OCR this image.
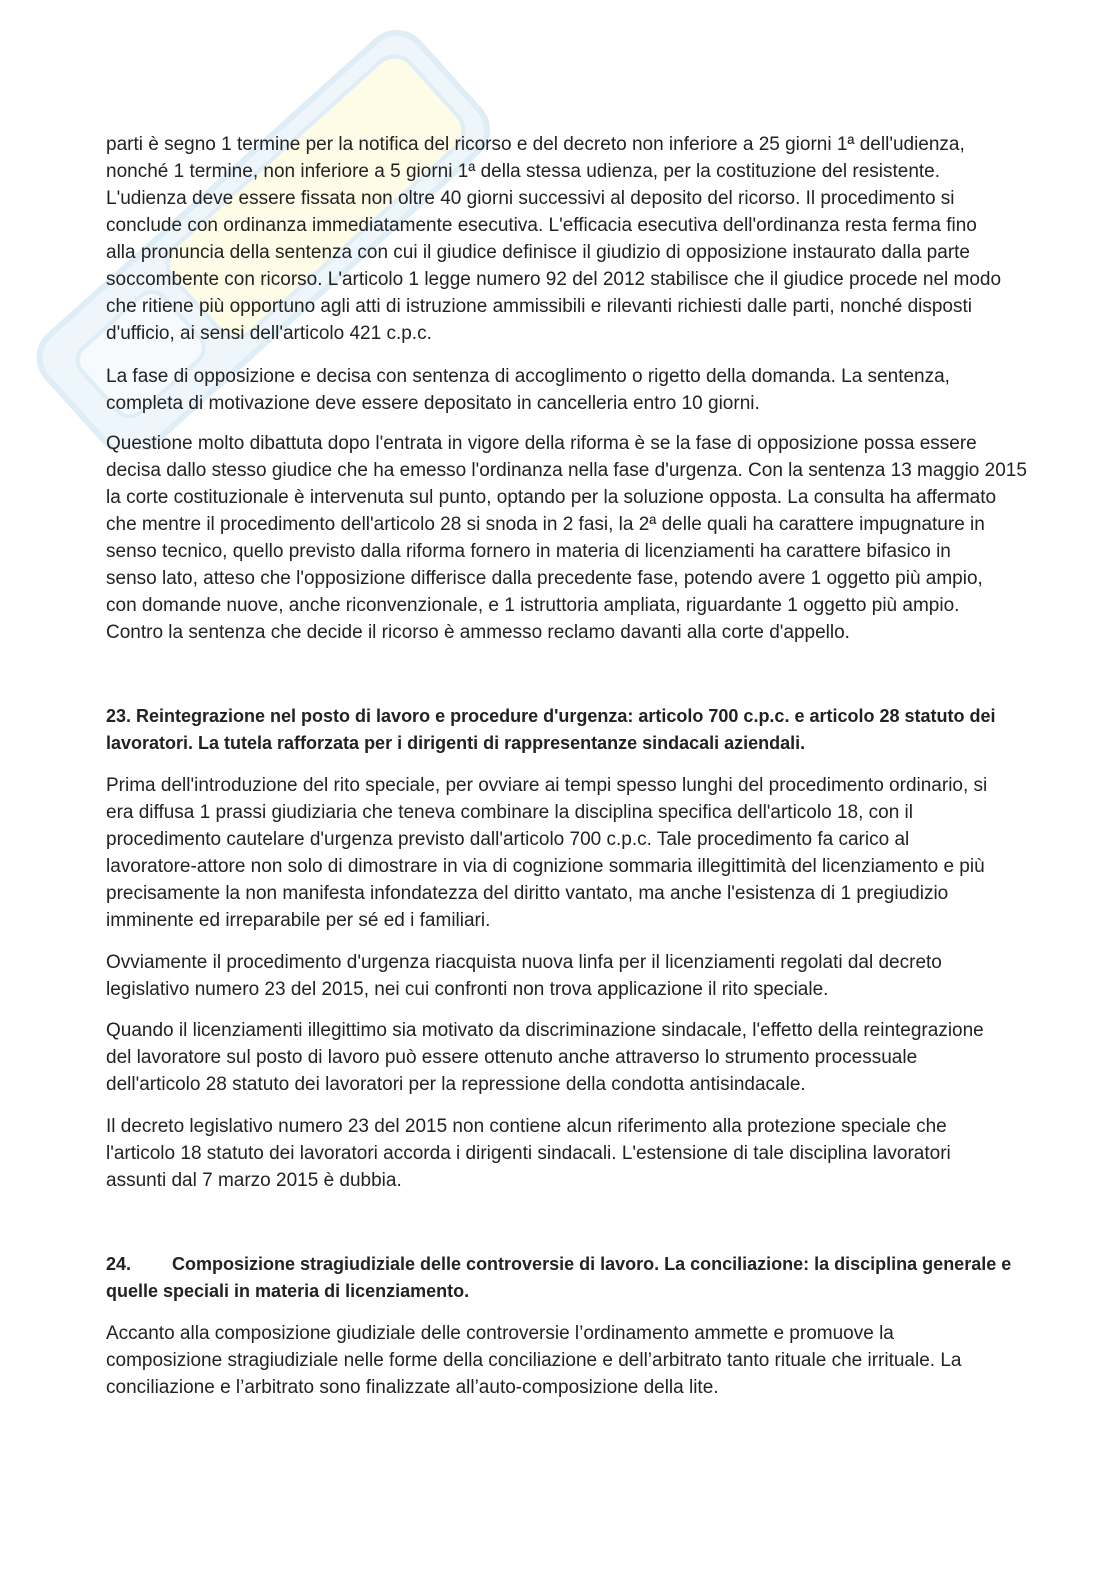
parti è segno 1 termine per la notifica del ricorso e del decreto non inferiore a 25 giorni 1ª dell'udienza,
nonché 1 termine, non inferiore a 5 giorni 1ª della stessa udienza, per la costituzione del resistente.
L'udienza deve essere fissata non oltre 40 giorni successivi al deposito del ricorso. Il procedimento si
conclude con ordinanza immediatamente esecutiva. L'efficacia esecutiva dell'ordinanza resta ferma fino
alla pronuncia della sentenza con cui il giudice definisce il giudizio di opposizione instaurato dalla parte
soccombente con ricorso. L'articolo 1 legge numero 92 del 2012 stabilisce che il giudice procede nel modo
che ritiene più opportuno agli atti di istruzione ammissibili e rilevanti richiesti dalle parti, nonché disposti
d'ufficio, ai sensi dell'articolo 421 c.p.c.
La fase di opposizione e decisa con sentenza di accoglimento o rigetto della domanda. La sentenza,
completa di motivazione deve essere depositato in cancelleria entro 10 giorni.
Questione molto dibattuta dopo l'entrata in vigore della riforma è se la fase di opposizione possa essere
decisa dallo stesso giudice che ha emesso l'ordinanza nella fase d'urgenza. Con la sentenza 13 maggio 2015
la corte costituzionale è intervenuta sul punto, optando per la soluzione opposta. La consulta ha affermato
che mentre il procedimento dell'articolo 28 si snoda in 2 fasi, la 2ª delle quali ha carattere impugnature in
senso tecnico, quello previsto dalla riforma fornero in materia di licenziamenti ha carattere bifasico in
senso lato, atteso che l'opposizione differisce dalla precedente fase, potendo avere 1 oggetto più ampio,
con domande nuove, anche riconvenzionale, e 1 istruttoria ampliata, riguardante 1 oggetto più ampio.
Contro la sentenza che decide il ricorso è ammesso reclamo davanti alla corte d'appello.
23. Reintegrazione nel posto di lavoro e procedure d'urgenza: articolo 700 c.p.c. e articolo 28 statuto dei
lavoratori. La tutela rafforzata per i dirigenti di rappresentanze sindacali aziendali.
Prima dell'introduzione del rito speciale, per ovviare ai tempi spesso lunghi del procedimento ordinario, si
era diffusa 1 prassi giudiziaria che teneva combinare la disciplina specifica dell'articolo 18, con il
procedimento cautelare d'urgenza previsto dall'articolo 700 c.p.c. Tale procedimento fa carico al
lavoratore-attore non solo di dimostrare in via di cognizione sommaria illegittimità del licenziamento e più
precisamente la non manifesta infondatezza del diritto vantato, ma anche l'esistenza di 1 pregiudizio
imminente ed irreparabile per sé ed i familiari.
Ovviamente il procedimento d'urgenza riacquista nuova linfa per il licenziamenti regolati dal decreto
legislativo numero 23 del 2015, nei cui confronti non trova applicazione il rito speciale.
Quando il licenziamenti illegittimo sia motivato da discriminazione sindacale, l'effetto della reintegrazione
del lavoratore sul posto di lavoro può essere ottenuto anche attraverso lo strumento processuale
dell'articolo 28 statuto dei lavoratori per la repressione della condotta antisindacale.
Il decreto legislativo numero 23 del 2015 non contiene alcun riferimento alla protezione speciale che
l'articolo 18 statuto dei lavoratori accorda i dirigenti sindacali. L'estensione di tale disciplina lavoratori
assunti dal 7 marzo 2015 è dubbia.
24. Composizione stragiudiziale delle controversie di lavoro. La conciliazione: la disciplina generale e
quelle speciali in materia di licenziamento.
Accanto alla composizione giudiziale delle controversie l’ordinamento ammette e promuove la
composizione stragiudiziale nelle forme della conciliazione e dell’arbitrato tanto rituale che irrituale. La
conciliazione e l’arbitrato sono finalizzate all’auto-composizione della lite.
